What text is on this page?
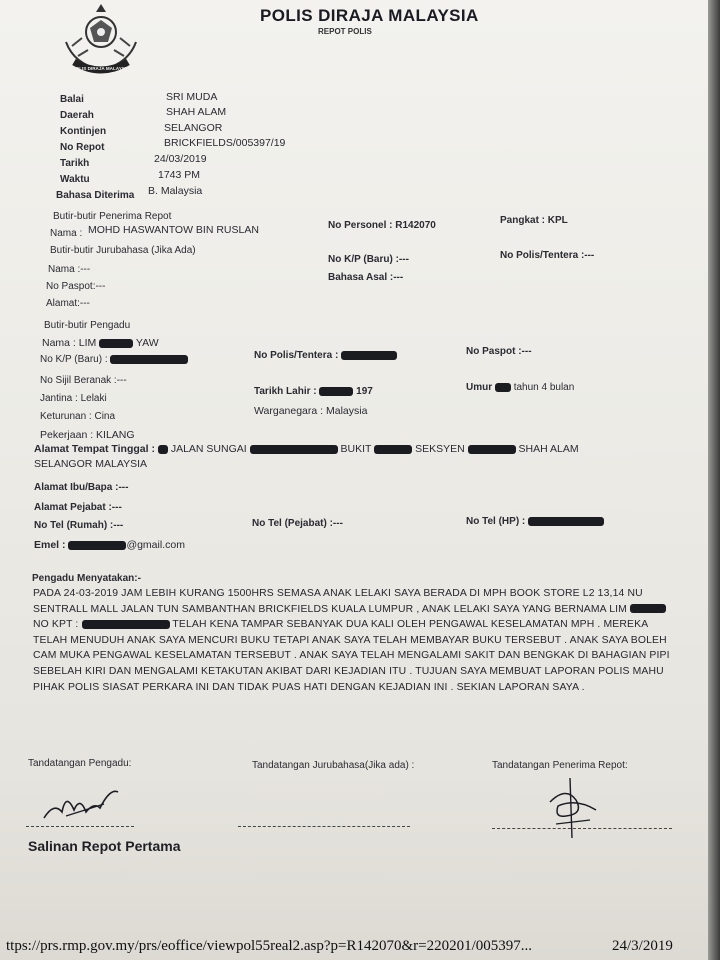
POLIS DIRAJA MALAYSIA
POLIS DIRAJA MALAYSIA
REPOT POLIS
Balai	SRI MUDA
Daerah	SHAH ALAM
Kontinjen	SELANGOR
No Repot	BRICKFIELDS/005397/19
Tarikh	24/03/2019
Waktu	1743 PM
Bahasa Diterima B. Malaysia
Butir-butir Penerima Repot
Nama : MOHD HASWANTOW BIN RUSLAN	No Personel : R142070	Pangkat : KPL
Butir-butir Jurubahasa (Jika Ada)
Nama :---
No K/P (Baru) :---	No Polis/Tentera :---
No Paspot:---
Bahasa Asal :---
Alamat:---
Butir-butir Pengadu
Nama : LIM	YAW
No K/P (Baru) :	No Polis/Tentera :	No Paspot :---
No Sijil Beranak :---
Jantina : Lelaki
Tarikh Lahir :	197	Umur tahun 4 bulan
Keturunan : Cina	Warganegara : Malaysia
Pekerjaan : KILANG
Alamat Tempat Tinggal : JALAN SUNGAI	BUKIT	SEKSYEN	SHAH ALAM
SELANGOR MALAYSIA
Alamat Ibu/Bapa :---
Alamat Pejabat :---
No Tel (Rumah) :---	No Tel (Pejabat) :---	No Tel (HP) :
Emel :	@gmail.com
Pengadu Menyatakan:-
PADA 24-03-2019 JAM LEBIH KURANG 1500HRS SEMASA ANAK LELAKI SAYA BERADA DI MPH BOOK STORE L2 13,14 NU SENTRALL MALL JALAN TUN SAMBANTHAN BRICKFIELDS KUALA LUMPUR , ANAK LELAKI SAYA YANG BERNAMA LIM  NO KPT :	TELAH KENA TAMPAR SEBANYAK DUA KALI OLEH PENGAWAL KESELAMATAN MPH . MEREKA TELAH MENUDUH ANAK SAYA MENCURI BUKU TETAPI ANAK SAYA TELAH MEMBAYAR BUKU TERSEBUT . ANAK SAYA BOLEH CAM MUKA PENGAWAL KESELAMATAN TERSEBUT . ANAK SAYA TELAH MENGALAMI SAKIT DAN BENGKAK DI BAHAGIAN PIPI SEBELAH KIRI DAN MENGALAMI KETAKUTAN AKIBAT DARI KEJADIAN ITU . TUJUAN SAYA MEMBUAT LAPORAN POLIS MAHU PIHAK POLIS SIASAT PERKARA INI DAN TIDAK PUAS HATI DENGAN KEJADIAN INI . SEKIAN LAPORAN SAYA .
Tandatangan Pengadu:	Tandatangan Jurubahasa(Jika ada) :	Tandatangan Penerima Repot:
Salinan Repot Pertama
ttps://prs.rmp.gov.my/prs/eoffice/viewpol55real2.asp?p=R142070&r=220201/005397...	24/3/2019
